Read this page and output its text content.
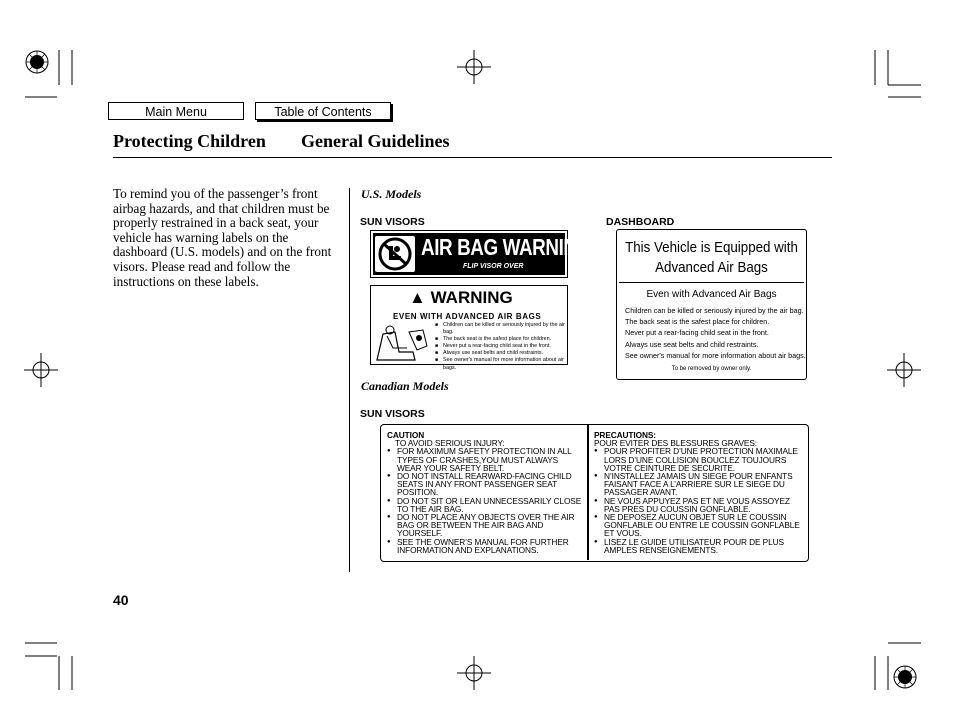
Main Menu	Table of Contents
Protecting Children General Guidelines
To remind you of the passenger’s front airbag hazards, and that children must be properly restrained in a back seat, your vehicle has warning labels on the dashboard (U.S. models) and on the front visors. Please read and follow the instructions on these labels.
U.S. Models
SUN VISORS	DASHBOARD
AIR BAG WARNING
FLIP VISOR OVER
▲ WARNING
EVEN WITH ADVANCED AIR BAGS
■ Children can be killed or seriously injured by the air bag.
■ The back seat is the safest place for children.
■ Never put a rear-facing child seat in the front.
■ Always use seat belts and child restraints.
■ See owner's manual for more information about air bags.
This Vehicle is Equipped with
Advanced Air Bags
Even with Advanced Air Bags
Children can be killed or seriously injured by the air bag.
The back seat is the safest place for children.
Never put a rear-facing child seat in the front.
Always use seat belts and child restraints.
See owner's manual for more information about air bags.
To be removed by owner only.
Canadian Models
SUN VISORS
CAUTION
TO AVOID SERIOUS INJURY:
● FOR MAXIMUM SAFETY PROTECTION IN ALL TYPES OF CRASHES,YOU MUST ALWAYS WEAR YOUR SAFETY BELT.
● DO NOT INSTALL REARWARD-FACING CHILD SEATS IN ANY FRONT PASSENGER SEAT POSITION.
● DO NOT SIT OR LEAN UNNECESSARILY CLOSE TO THE AIR BAG.
● DO NOT PLACE ANY OBJECTS OVER THE AIR BAG OR BETWEEN THE AIR BAG AND YOURSELF.
● SEE THE OWNER’S MANUAL FOR FURTHER INFORMATION AND EXPLANATIONS.
PRECAUTIONS:
POUR EVITER DES BLESSURES GRAVES:
● POUR PROFITER D’UNE PROTECTION MAXIMALE LORS D’UNE COLLISION BOUCLEZ TOUJOURS VOTRE CEINTURE DE SECURITE.
● N’INSTALLEZ JAMAIS UN SIEGE POUR ENFANTS FAISANT FACE A L’ARRIERE SUR LE SIEGE DU PASSAGER AVANT.
● NE VOUS APPUYEZ PAS ET NE VOUS ASSOYEZ PAS PRES DU COUSSIN GONFLABLE.
● NE DEPOSEZ AUCUN OBJET SUR LE COUSSIN GONFLABLE OU ENTRE LE COUSSIN GONFLABLE ET VOUS.
● LISEZ LE GUIDE UTILISATEUR POUR DE PLUS AMPLES RENSEIGNEMENTS.
40
